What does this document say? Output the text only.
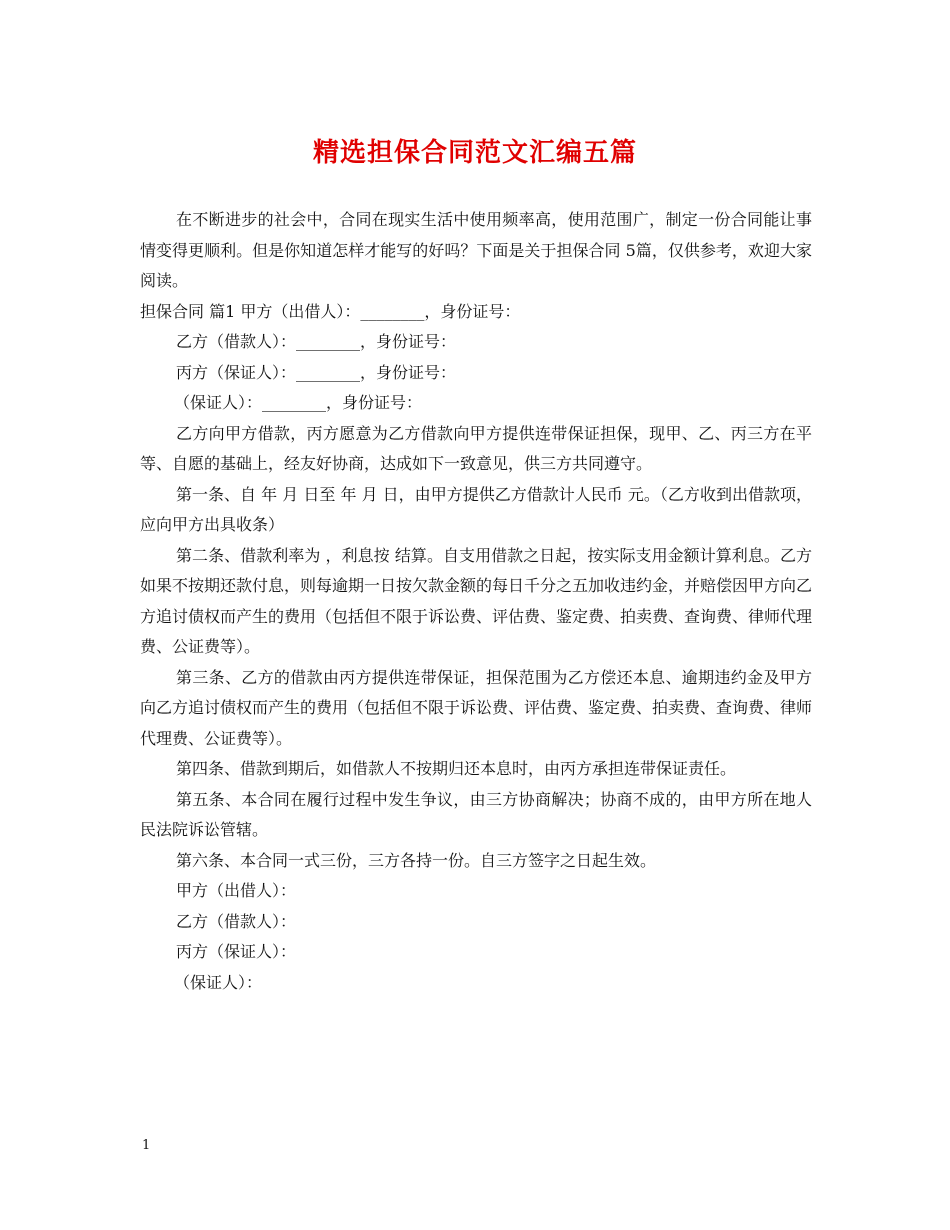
精选担保合同范文汇编五篇

在不断进步的社会中，合同在现实生活中使用频率高，使用范围广，制定一份合同能让事情变得更顺利。但是你知道怎样才能写的好吗？下面是关于担保合同 5篇，仅供参考，欢迎大家阅读。

担保合同 篇1 甲方（出借人）：________，身份证号：

乙方（借款人）：________，身份证号：

丙方（保证人）：________，身份证号：

（保证人）：________，身份证号：

乙方向甲方借款，丙方愿意为乙方借款向甲方提供连带保证担保，现甲、乙、丙三方在平等、自愿的基础上，经友好协商，达成如下一致意见，供三方共同遵守。

第一条、自 年 月 日至 年 月 日，由甲方提供乙方借款计人民币 元。（乙方收到出借款项，应向甲方出具收条）

第二条、借款利率为 ，利息按 结算。自支用借款之日起，按实际支用金额计算利息。乙方如果不按期还款付息，则每逾期一日按欠款金额的每日千分之五加收违约金，并赔偿因甲方向乙方追讨债权而产生的费用（包括但不限于诉讼费、评估费、鉴定费、拍卖费、查询费、律师代理费、公证费等）。

第三条、乙方的借款由丙方提供连带保证，担保范围为乙方偿还本息、逾期违约金及甲方向乙方追讨债权而产生的费用（包括但不限于诉讼费、评估费、鉴定费、拍卖费、查询费、律师代理费、公证费等）。

第四条、借款到期后，如借款人不按期归还本息时，由丙方承担连带保证责任。

第五条、本合同在履行过程中发生争议，由三方协商解决；协商不成的，由甲方所在地人民法院诉讼管辖。

第六条、本合同一式三份，三方各持一份。自三方签字之日起生效。

甲方（出借人）：

乙方（借款人）：

丙方（保证人）：

（保证人）：

1
